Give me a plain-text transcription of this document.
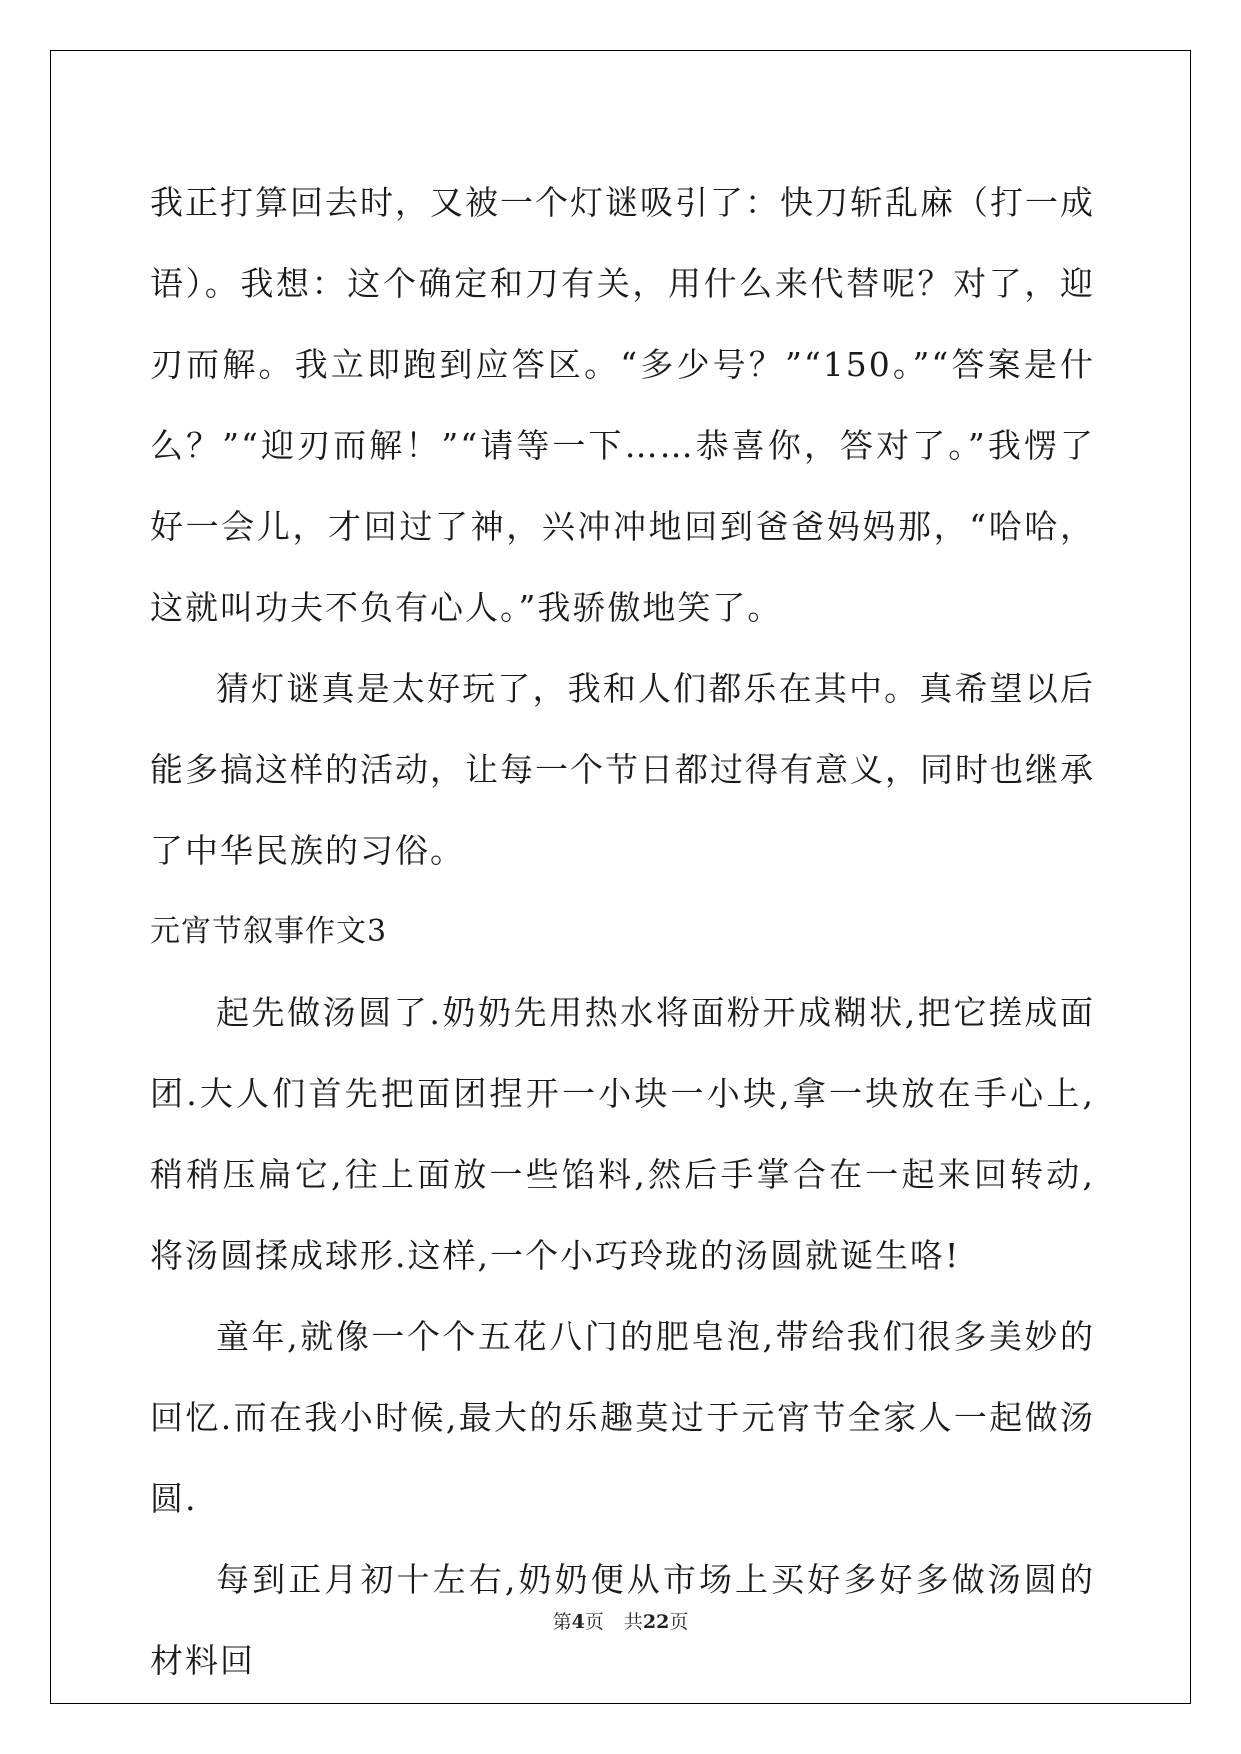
我正打算回去时，又被一个灯谜吸引了：快刀斩乱麻（打一成语）。我想：这个确定和刀有关，用什么来代替呢？对了，迎刃而解。我立即跑到应答区。“多少号？”“150。”“答案是什么？”“迎刃而解！”“请等一下……恭喜你，答对了。”我愣了好一会儿，才回过了神，兴冲冲地回到爸爸妈妈那，“哈哈，这就叫功夫不负有心人。”我骄傲地笑了。

猜灯谜真是太好玩了，我和人们都乐在其中。真希望以后能多搞这样的活动，让每一个节日都过得有意义，同时也继承了中华民族的习俗。

元宵节叙事作文3

起先做汤圆了.奶奶先用热水将面粉开成糊状,把它搓成面团.大人们首先把面团捏开一小块一小块,拿一块放在手心上,稍稍压扁它,往上面放一些馅料,然后手掌合在一起来回转动,将汤圆揉成球形.这样,一个小巧玲珑的汤圆就诞生咯!

童年,就像一个个五花八门的肥皂泡,带给我们很多美妙的回忆.而在我小时候,最大的乐趣莫过于元宵节全家人一起做汤圆.

每到正月初十左右,奶奶便从市场上买好多好多做汤圆的材料回

第4页 共22页
